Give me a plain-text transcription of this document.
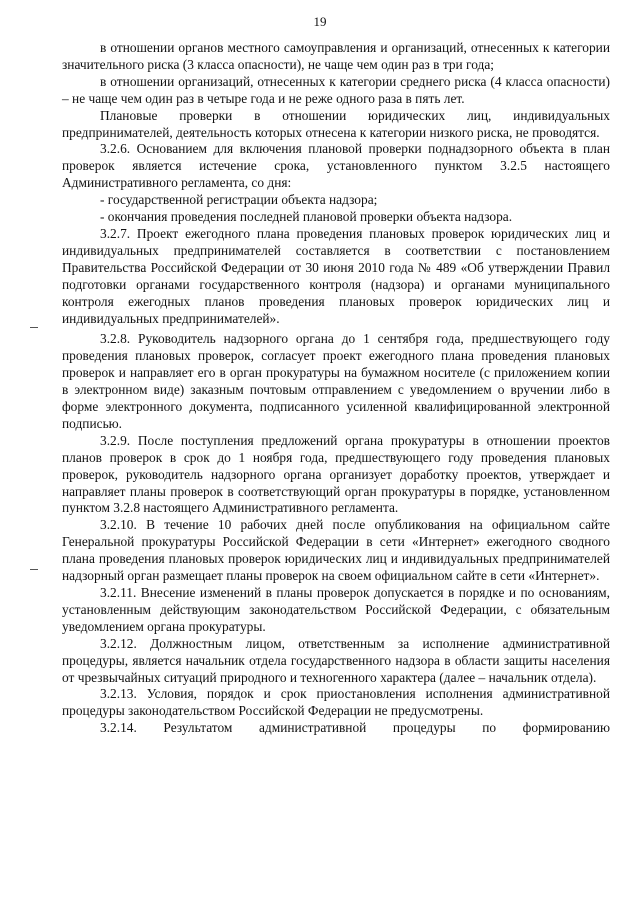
19

в отношении органов местного самоуправления и организаций, отнесенных к категории значительного риска (3 класса опасности), не чаще чем один раз в три года;

в отношении организаций, отнесенных к категории среднего риска (4 класса опасности) – не чаще чем один раз в четыре года и не реже одного раза в пять лет.

Плановые проверки в отношении юридических лиц, индивидуальных предпринимателей, деятельность которых отнесена к категории низкого риска, не проводятся.

3.2.6. Основанием для включения плановой проверки поднадзорного объекта в план проверок является истечение срока, установленного пунктом 3.2.5 настоящего Административного регламента, со дня:

- государственной регистрации объекта надзора;

- окончания проведения последней плановой проверки объекта надзора.

3.2.7. Проект ежегодного плана проведения плановых проверок юридических лиц и индивидуальных предпринимателей составляется в соответствии с постановлением Правительства Российской Федерации от 30 июня 2010 года № 489 «Об утверждении Правил подготовки органами государственного контроля (надзора) и органами муниципального контроля ежегодных планов проведения плановых проверок юридических лиц и индивидуальных предпринимателей».

3.2.8. Руководитель надзорного органа до 1 сентября года, предшествующего году проведения плановых проверок, согласует проект ежегодного плана проведения плановых проверок и направляет его в орган прокуратуры на бумажном носителе (с приложением копии в электронном виде) заказным почтовым отправлением с уведомлением о вручении либо в форме электронного документа, подписанного усиленной квалифицированной электронной подписью.

3.2.9. После поступления предложений органа прокуратуры в отношении проектов планов проверок в срок до 1 ноября года, предшествующего году проведения плановых проверок, руководитель надзорного органа организует доработку проектов, утверждает и направляет планы проверок в соответствующий орган прокуратуры в порядке, установленном пунктом 3.2.8 настоящего Административного регламента.

3.2.10. В течение 10 рабочих дней после опубликования на официальном сайте Генеральной прокуратуры Российской Федерации в сети «Интернет» ежегодного сводного плана проведения плановых проверок юридических лиц и индивидуальных предпринимателей надзорный орган размещает планы проверок на своем официальном сайте в сети «Интернет».

3.2.11. Внесение изменений в планы проверок допускается в порядке и по основаниям, установленным действующим законодательством Российской Федерации, с обязательным уведомлением органа прокуратуры.

3.2.12. Должностным лицом, ответственным за исполнение административной процедуры, является начальник отдела государственного надзора в области защиты населения от чрезвычайных ситуаций природного и техногенного характера (далее – начальник отдела).

3.2.13. Условия, порядок и срок приостановления исполнения административной процедуры законодательством Российской Федерации не предусмотрены.

3.2.14. Результатом административной процедуры по формированию
